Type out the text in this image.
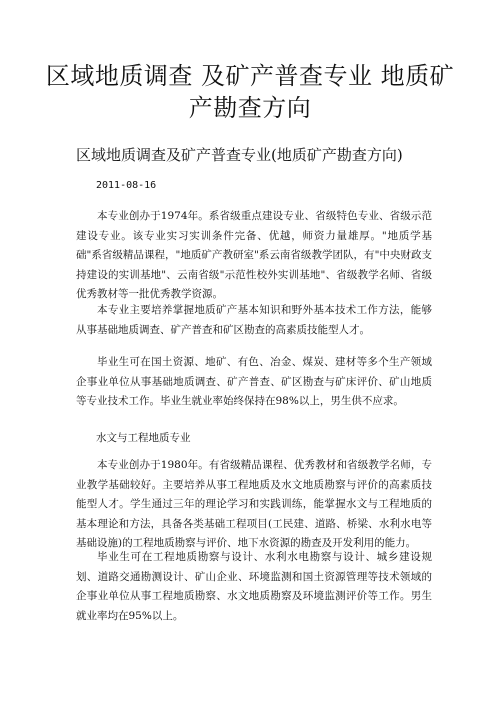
区域地质调查 及矿产普查专业 地质矿产勘查方向
区域地质调查及矿产普查专业(地质矿产勘查方向)
2011-08-16
本专业创办于1974年。系省级重点建设专业、省级特色专业、省级示范建设专业。该专业实习实训条件完备、优越，师资力量雄厚。"地质学基础"系省级精品课程，"地质矿产教研室"系云南省级教学团队，有"中央财政支持建设的实训基地"、云南省级"示范性校外实训基地"、省级教学名师、省级优秀教材等一批优秀教学资源。
本专业主要培养掌握地质矿产基本知识和野外基本技术工作方法，能够从事基础地质调查、矿产普查和矿区勘查的高素质技能型人才。
毕业生可在国土资源、地矿、有色、冶金、煤炭、建材等多个生产领域企事业单位从事基础地质调查、矿产普查、矿区勘查与矿床评价、矿山地质等专业技术工作。毕业生就业率始终保持在98%以上，男生供不应求。
水文与工程地质专业
本专业创办于1980年。有省级精品课程、优秀教材和省级教学名师，专业教学基础较好。主要培养从事工程地质及水文地质勘察与评价的高素质技能型人才。学生通过三年的理论学习和实践训练，能掌握水文与工程地质的基本理论和方法，具备各类基础工程项目(工民建、道路、桥梁、水利水电等基础设施)的工程地质勘察与评价、地下水资源的勘查及开发利用的能力。
毕业生可在工程地质勘察与设计、水利水电勘察与设计、城乡建设规划、道路交通勘测设计、矿山企业、环境监测和国土资源管理等技术领域的企事业单位从事工程地质勘察、水文地质勘察及环境监测评价等工作。男生就业率均在95%以上。
